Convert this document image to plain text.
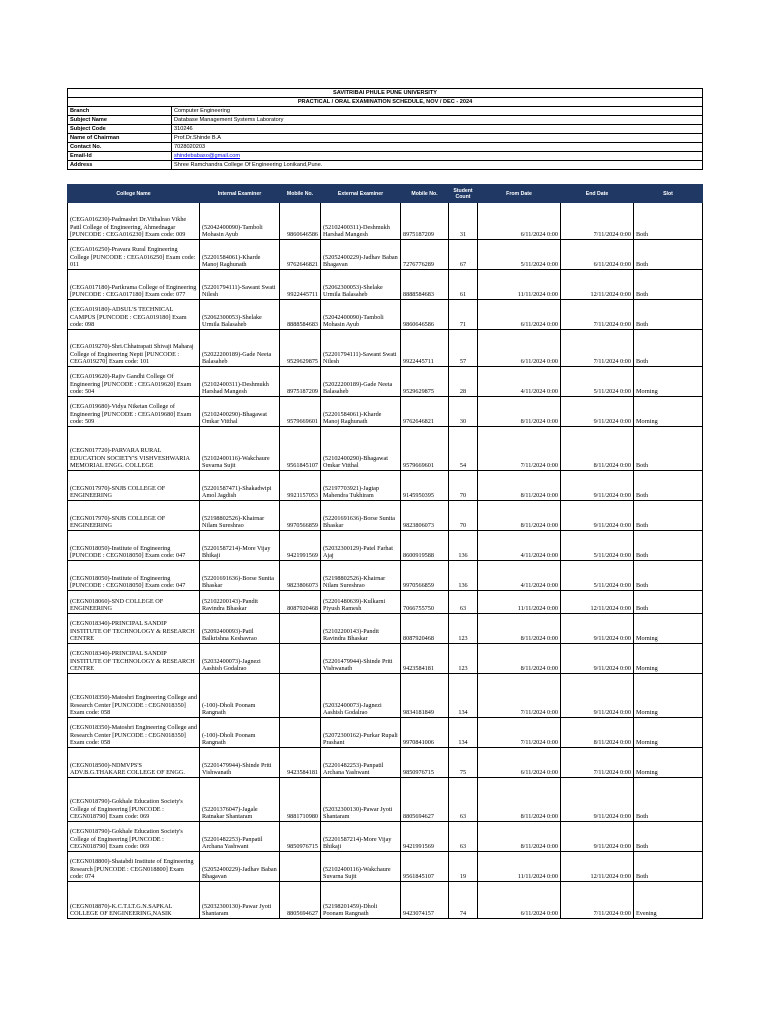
SAVITRIBAI PHULE PUNE UNIVERSITY	
PRACTICAL / ORAL EXAMINATION SCHEDULE, NOV / DEC - 2024	
Branch	Computer Engineering
Subject Name	Database Management Systems Laboratory
Subject Code	310246
Name of Chairman	Prof.Dr.Shinde B.A
Contact No.	7028020203
Email-Id	shindebabaso@gmail.com
Address	Shree Ramchandra College Of Engineering Lonikand,Pune.
College Name	Internal Examiner	Mobile No.	External Examiner	Mobile No.	Student Count	From Date	End Date	Slot
(CEGA016230)-Padmashri Dr.Vithalrao Vikhe Patil College of Engineering, Ahmednagar [PUNCODE : CEGA016230] Exam code: 009	(52042400090)-Tamboli Mohasin Ayub	9860646586	(52102400311)-Deshmukh Harshad Mangesh	8975187209	31	6/11/2024 0:00	7/11/2024 0:00	Both
(CEGA016250)-Pravara Rural Engineering College [PUNCODE : CEGA016250] Exam code: 011	(52201584061)-Kharde Manoj Raghunath	9762646821	(52052400229)-Jadhav Baban Bhagavan	7276776289	67	5/11/2024 0:00	6/11/2024 0:00	Both
(CEGA017180)-Parikrama College of Engineering [PUNCODE : CEGA017180] Exam code: 077	(52201794111)-Sawant Swati Nilesh	9922445711	(52062300053)-Shelake Urmila Balasaheb	8888584683	61	11/11/2024 0:00	12/11/2024 0:00	Both
(CEGA019180)-ADSUL'S TECHNICAL CAMPUS [PUNCODE : CEGA019180] Exam code: 098	(52062300053)-Shelake Urmila Balasaheb	8888584683	(52042400090)-Tamboli Mohasin Ayub	9860646586	71	6/11/2024 0:00	7/11/2024 0:00	Both
(CEGA019270)-Shri.Chhatrapati Shivaji Maharaj College of Engineering Nepti [PUNCODE : CEGA019270] Exam code: 101	(52022200189)-Gade Neeta Balasaheb	9529629875	(52201794111)-Sawant Swati Nilesh	9922445711	57	6/11/2024 0:00	7/11/2024 0:00	Both
(CEGA019620)-Rajiv Gandhi College Of Engineering [PUNCODE : CEGA019620] Exam code: 504	(52102400311)-Deshmukh Harshad Mangesh	8975187209	(52022200189)-Gade Neeta Balasaheb	9529629875	28	4/11/2024 0:00	5/11/2024 0:00	Morning
(CEGA019680)-Vidya Niketan College of Engineering [PUNCODE : CEGA019680] Exam code: 509	(52102400290)-Bhagawat Omkar Vitthal	9579669601	(52201584061)-Kharde Manoj Raghunath	9762646821	30	8/11/2024 0:00	9/11/2024 0:00	Morning
(CEGN017720)-PARVARA RURAL EDUCATION SOCIETY'S VISHVESHWARIA MEMORIAL ENGG. COLLEGE	(52102400116)-Wakchaure Suvarna Sujit	9561845107	(52102400290)-Bhagawat Omkar Vitthal	9579669601	54	7/11/2024 0:00	8/11/2024 0:00	Both
(CEGN017970)-SNJB COLLEGE OF ENGINEERING	(52201587471)-Shakadwipi Amol Jagdish	9921157053	(52197703921)-Jagtap Mahendra Tukhiram	9145950395	70	8/11/2024 0:00	9/11/2024 0:00	Both
(CEGN017970)-SNJB COLLEGE OF ENGINEERING	(52198802526)-Khairnar Nilam Sureshrao	9970566859	(52201691636)-Borse Sunita Bhaskar	9823806073	70	8/11/2024 0:00	9/11/2024 0:00	Both
(CEGN018050)-Institute of Engineering [PUNCODE : CEGN018050] Exam code: 047	(52201587214)-More Vijay Bhikaji	9421991569	(52032300129)-Patel Farhat Ajaj	8600919588	136	4/11/2024 0:00	5/11/2024 0:00	Both
(CEGN018050)-Institute of Engineering [PUNCODE : CEGN018050] Exam code: 047	(52201691636)-Borse Sunita Bhaskar	9823806073	(52198802526)-Khairnar Nilam Sureshrao	9970566859	136	4/11/2024 0:00	5/11/2024 0:00	Both
(CEGN018060)-SND COLLEGE OF ENGINEERING	(52102200143)-Pandit Ravindra Bhaskar	8087920468	(52201480639)-Kulkarni Piyush Ramesh	7066755750	63	11/11/2024 0:00	12/11/2024 0:00	Both
(CEGN018340)-PRINCIPAL SANDIP INSTITUTE OF TECHNOLOGY & RESEARCH CENTRE	(52092400093)-Patil Balkrishna Keshavrao		(52102200143)-Pandit Ravindra Bhaskar	8087920468	123	8/11/2024 0:00	9/11/2024 0:00	Morning
(CEGN018340)-PRINCIPAL SANDIP INSTITUTE OF TECHNOLOGY & RESEARCH CENTRE	(52032400073)-Jagnezi Aashish Godalrao		(52201479944)-Shinde Priti Vishwanath	9423584181	123	8/11/2024 0:00	9/11/2024 0:00	Morning
(CEGN018350)-Matoshri Engineering College and Research Center [PUNCODE : CEGN018350] Exam code: 058	(-100)-Dholi Poonam Rangnath		(52032400073)-Jagnezi Aashish Godalrao	9834181849	134	7/11/2024 0:00	9/11/2024 0:00	Morning
(CEGN018350)-Matoshri Engineering College and Research Center [PUNCODE : CEGN018350] Exam code: 058	(-100)-Dholi Poonam Rangnath		(52072300162)-Purkar Rupali Prashant	9970841006	134	7/11/2024 0:00	8/11/2024 0:00	Morning
(CEGN018500)-NDMVPS'S ADV.B.G.THAKARE COLLEGE OF ENGG.	(52201479944)-Shinde Priti Vishwanath	9423584181	(52201482253)-Panpatil Archana Yashwant	9850976715	75	6/11/2024 0:00	7/11/2024 0:00	Morning
(CEGN018790)-Gokhale Education Society's College of Engineering [PUNCODE : CEGN018790] Exam code: 069	(52201376047)-Jagale Ratnakar Shantaram	9881710980	(52032300130)-Pawar Jyoti Shantaram	8805694627	63	8/11/2024 0:00	9/11/2024 0:00	Both
(CEGN018790)-Gokhale Education Society's College of Engineering [PUNCODE : CEGN018790] Exam code: 069	(52201482253)-Panpatil Archana Yashwant	9850976715	(52201587214)-More Vijay Bhikaji	9421991569	63	8/11/2024 0:00	9/11/2024 0:00	Both
(CEGN018800)-Shatabdi Institute of Engineering Research [PUNCODE : CEGN018800] Exam code: 074	(52052400229)-Jadhav Baban Bhagavan		(52102400116)-Wakchaure Suvarna Sujit	9561845107	19	11/11/2024 0:00	12/11/2024 0:00	Both
(CEGN018870)-K.C.T.LT.G.N.SAPKAL COLLEGE OF ENGINEERING,NASIK	(52032300130)-Pawar Jyoti Shantaram	8805694627	(52198201459)-Dholi Poonam Rangnath	9423074157	74	6/11/2024 0:00	7/11/2024 0:00	Evening
